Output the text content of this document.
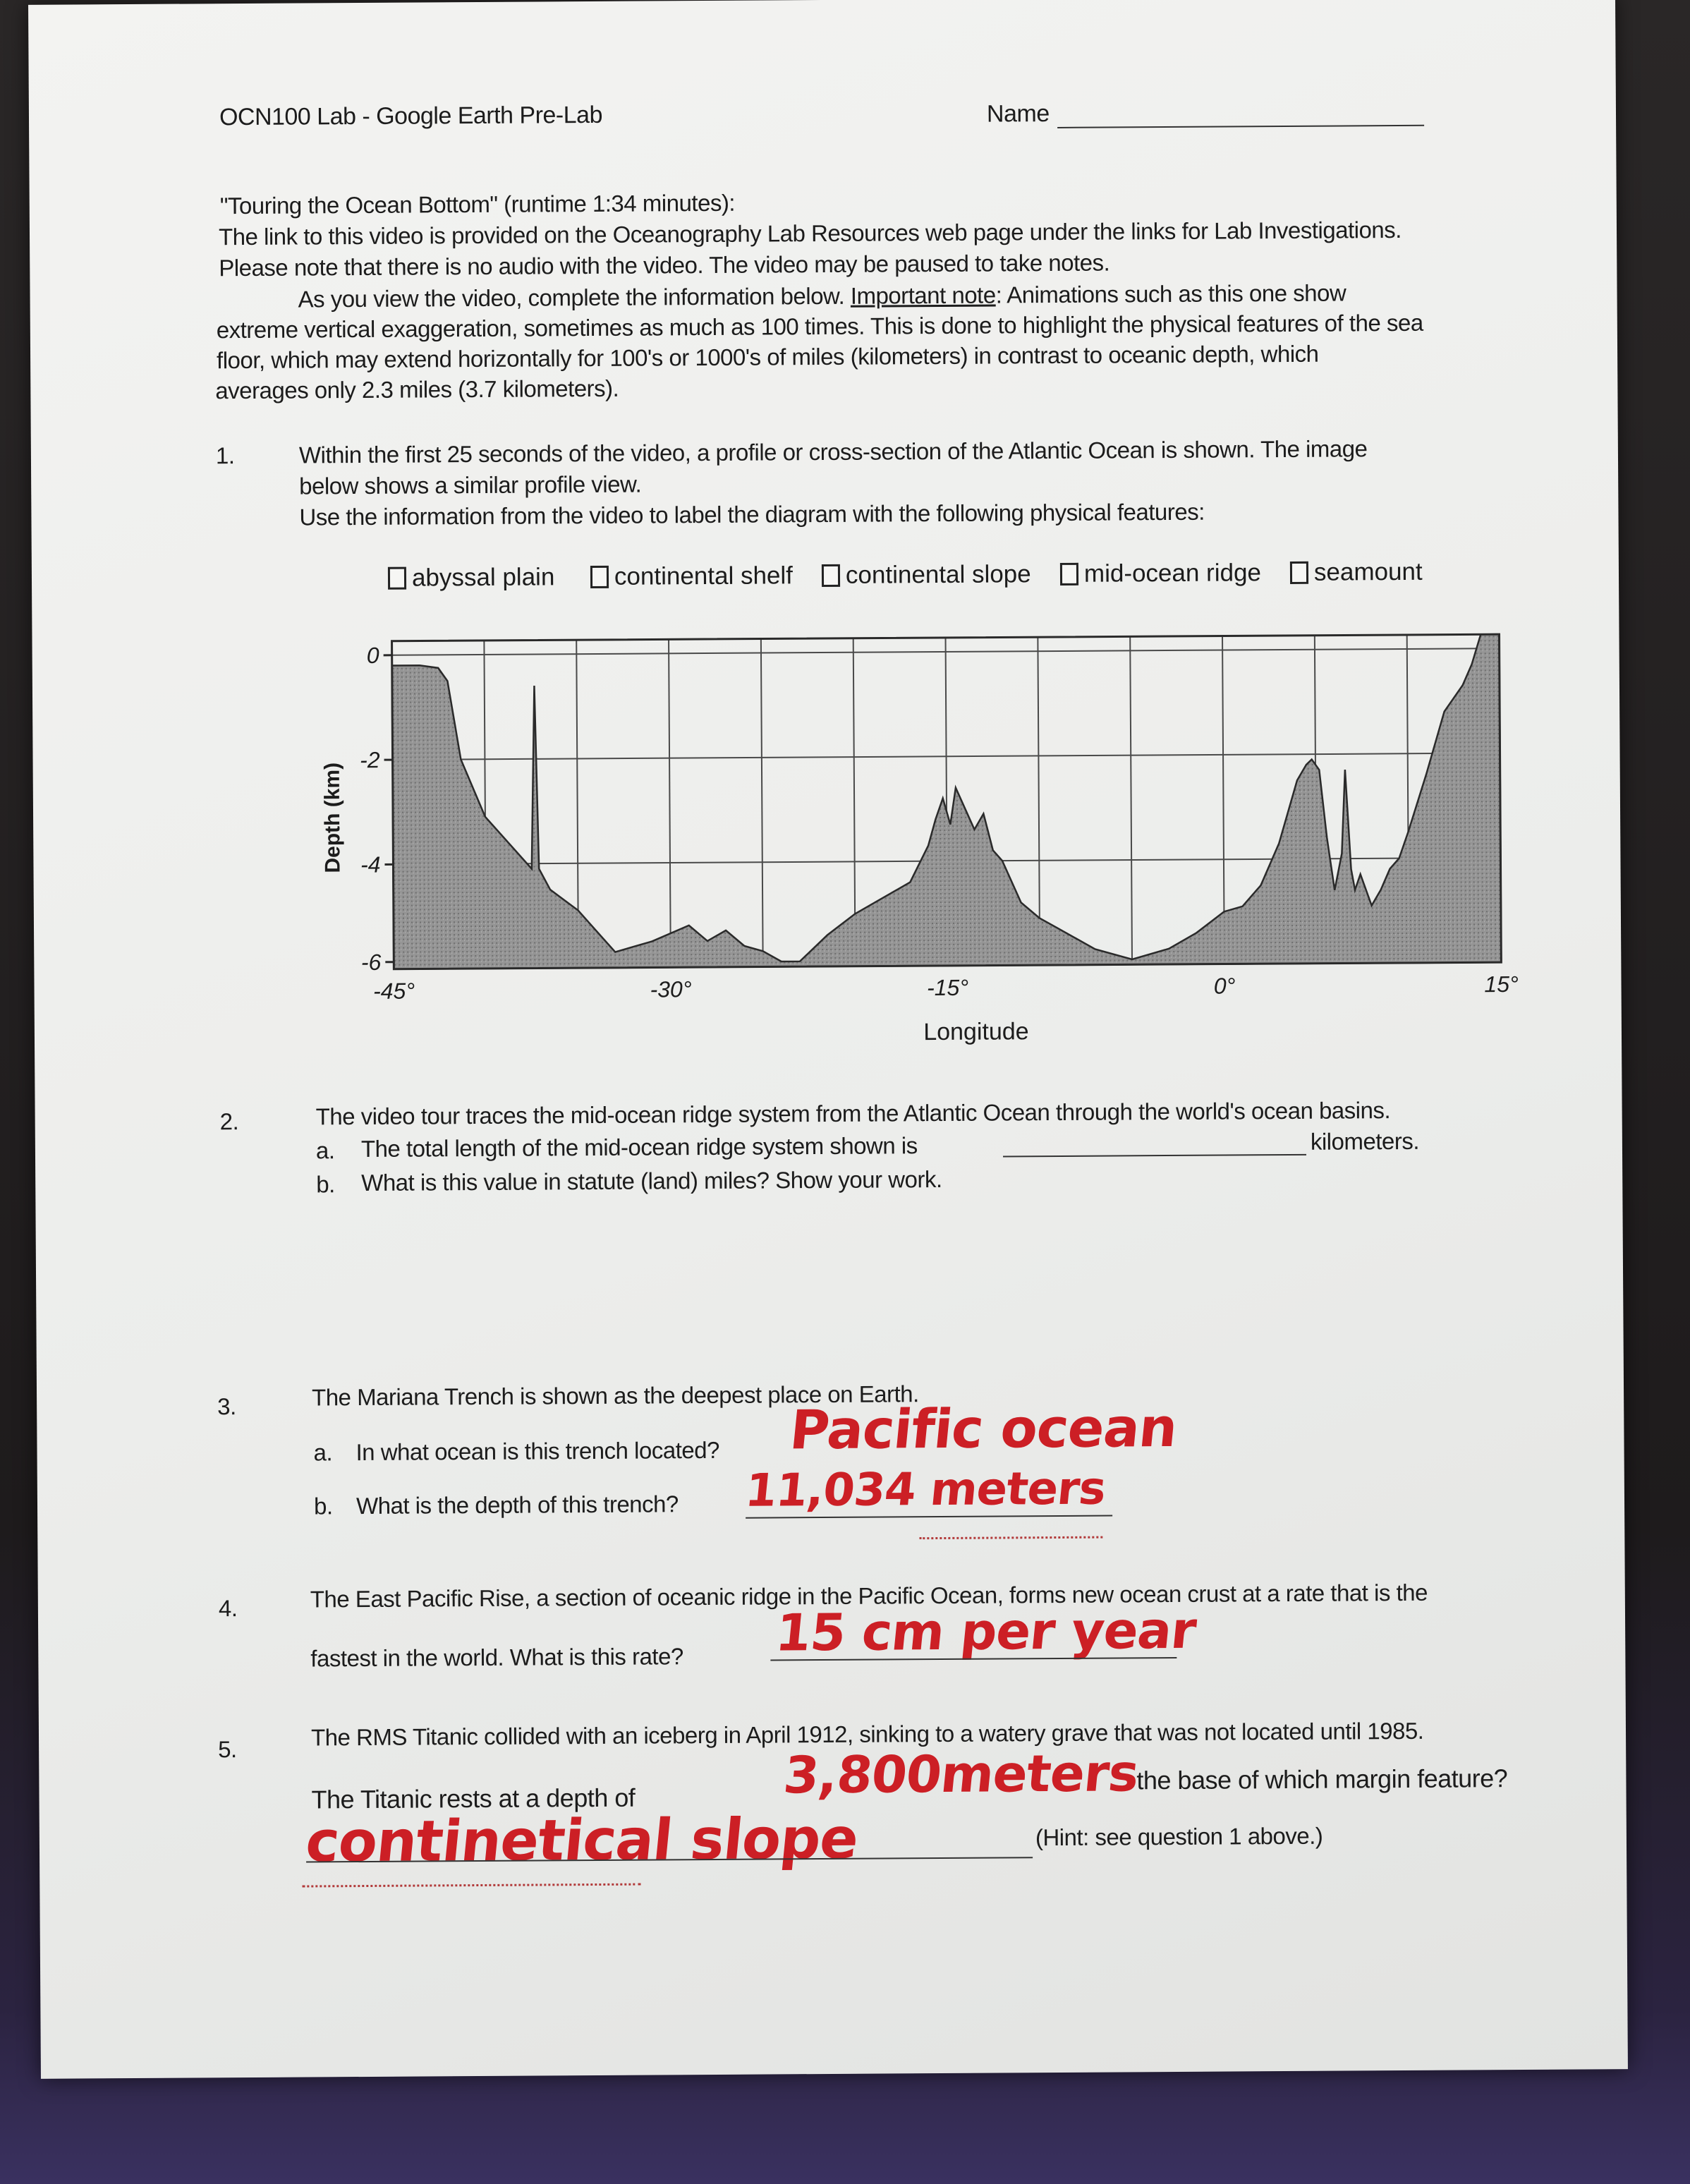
OCN100 Lab - Google Earth Pre-Lab	Name
"Touring the Ocean Bottom" (runtime 1:34 minutes):
The link to this video is provided on the Oceanography Lab Resources web page under the links for Lab Investigations.
Please note that there is no audio with the video. The video may be paused to take notes.
As you view the video, complete the information below. Important note: Animations such as this one show
extreme vertical exaggeration, sometimes as much as 100 times. This is done to highlight the physical features of the sea
floor, which may extend horizontally for 100's or 1000's of miles (kilometers) in contrast to oceanic depth, which
averages only 2.3 miles (3.7 kilometers).
1.	Within the first 25 seconds of the video, a profile or cross-section of the Atlantic Ocean is shown. The image
below shows a similar profile view.
Use the information from the video to label the diagram with the following physical features:
abyssal plain continental shelf continental slope mid-ocean ridge seamount
0
-2
-4
-6
-45°	-30°	-15°	0°	15°
Depth (km)
Longitude
2.	The video tour traces the mid-ocean ridge system from the Atlantic Ocean through the world's ocean basins.
a. The total length of the mid-ocean ridge system shown is	kilometers.
b. What is this value in statute (land) miles? Show your work.
3.	The Mariana Trench is shown as the deepest place on Earth.
a. In what ocean is this trench located? Pacific ocean
b. What is the depth of this trench? 11,034 meters
4.	The East Pacific Rise, a section of oceanic ridge in the Pacific Ocean, forms new ocean crust at a rate that is the
fastest in the world. What is this rate? 15 cm per year
5.	The RMS Titanic collided with an iceberg in April 1912, sinking to a watery grave that was not located until 1985.
The Titanic rests at a depth of	3,800meters
the base of which margin feature?
continetical slope	(Hint: see question 1 above.)
